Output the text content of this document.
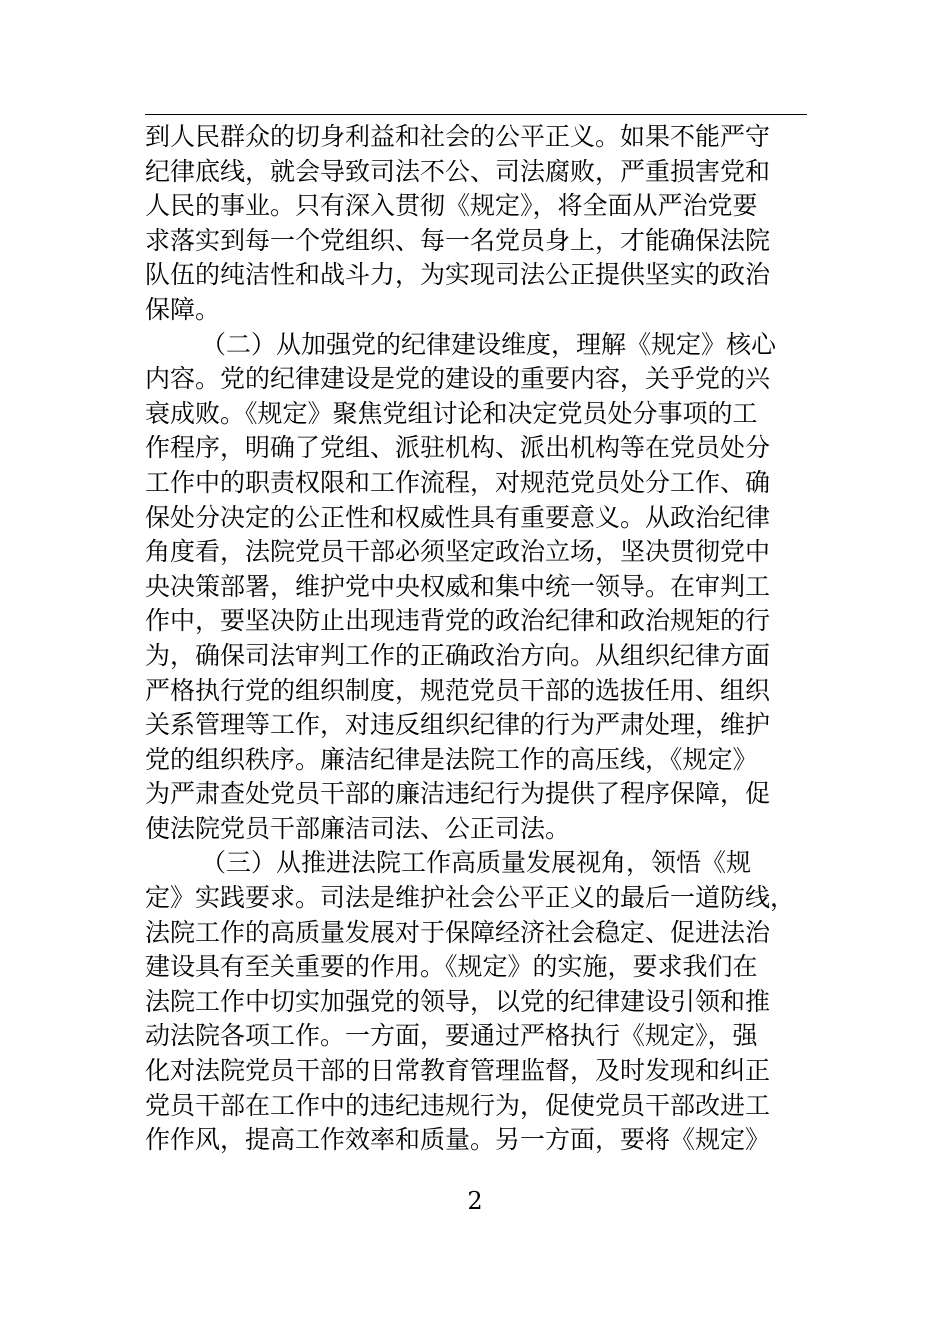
到人民群众的切身利益和社会的公平正义。如果不能严守
纪律底线，就会导致司法不公、司法腐败，严重损害党和
人民的事业。只有深入贯彻《规定》，将全面从严治党要
求落实到每一个党组织、每一名党员身上，才能确保法院
队伍的纯洁性和战斗力，为实现司法公正提供坚实的政治
保障。
（二）从加强党的纪律建设维度，理解《规定》核心
内容。党的纪律建设是党的建设的重要内容，关乎党的兴
衰成败。《规定》聚焦党组讨论和决定党员处分事项的工
作程序，明确了党组、派驻机构、派出机构等在党员处分
工作中的职责权限和工作流程，对规范党员处分工作、确
保处分决定的公正性和权威性具有重要意义。从政治纪律
角度看，法院党员干部必须坚定政治立场，坚决贯彻党中
央决策部署，维护党中央权威和集中统一领导。在审判工
作中，要坚决防止出现违背党的政治纪律和政治规矩的行
为，确保司法审判工作的正确政治方向。从组织纪律方面
严格执行党的组织制度，规范党员干部的选拔任用、组织
关系管理等工作，对违反组织纪律的行为严肃处理，维护
党的组织秩序。廉洁纪律是法院工作的高压线，《规定》
为严肃查处党员干部的廉洁违纪行为提供了程序保障，促
使法院党员干部廉洁司法、公正司法。
（三）从推进法院工作高质量发展视角，领悟《规
定》实践要求。司法是维护社会公平正义的最后一道防线，
法院工作的高质量发展对于保障经济社会稳定、促进法治
建设具有至关重要的作用。《规定》的实施，要求我们在
法院工作中切实加强党的领导，以党的纪律建设引领和推
动法院各项工作。一方面，要通过严格执行《规定》，强
化对法院党员干部的日常教育管理监督，及时发现和纠正
党员干部在工作中的违纪违规行为，促使党员干部改进工
作作风，提高工作效率和质量。另一方面，要将《规定》
2
